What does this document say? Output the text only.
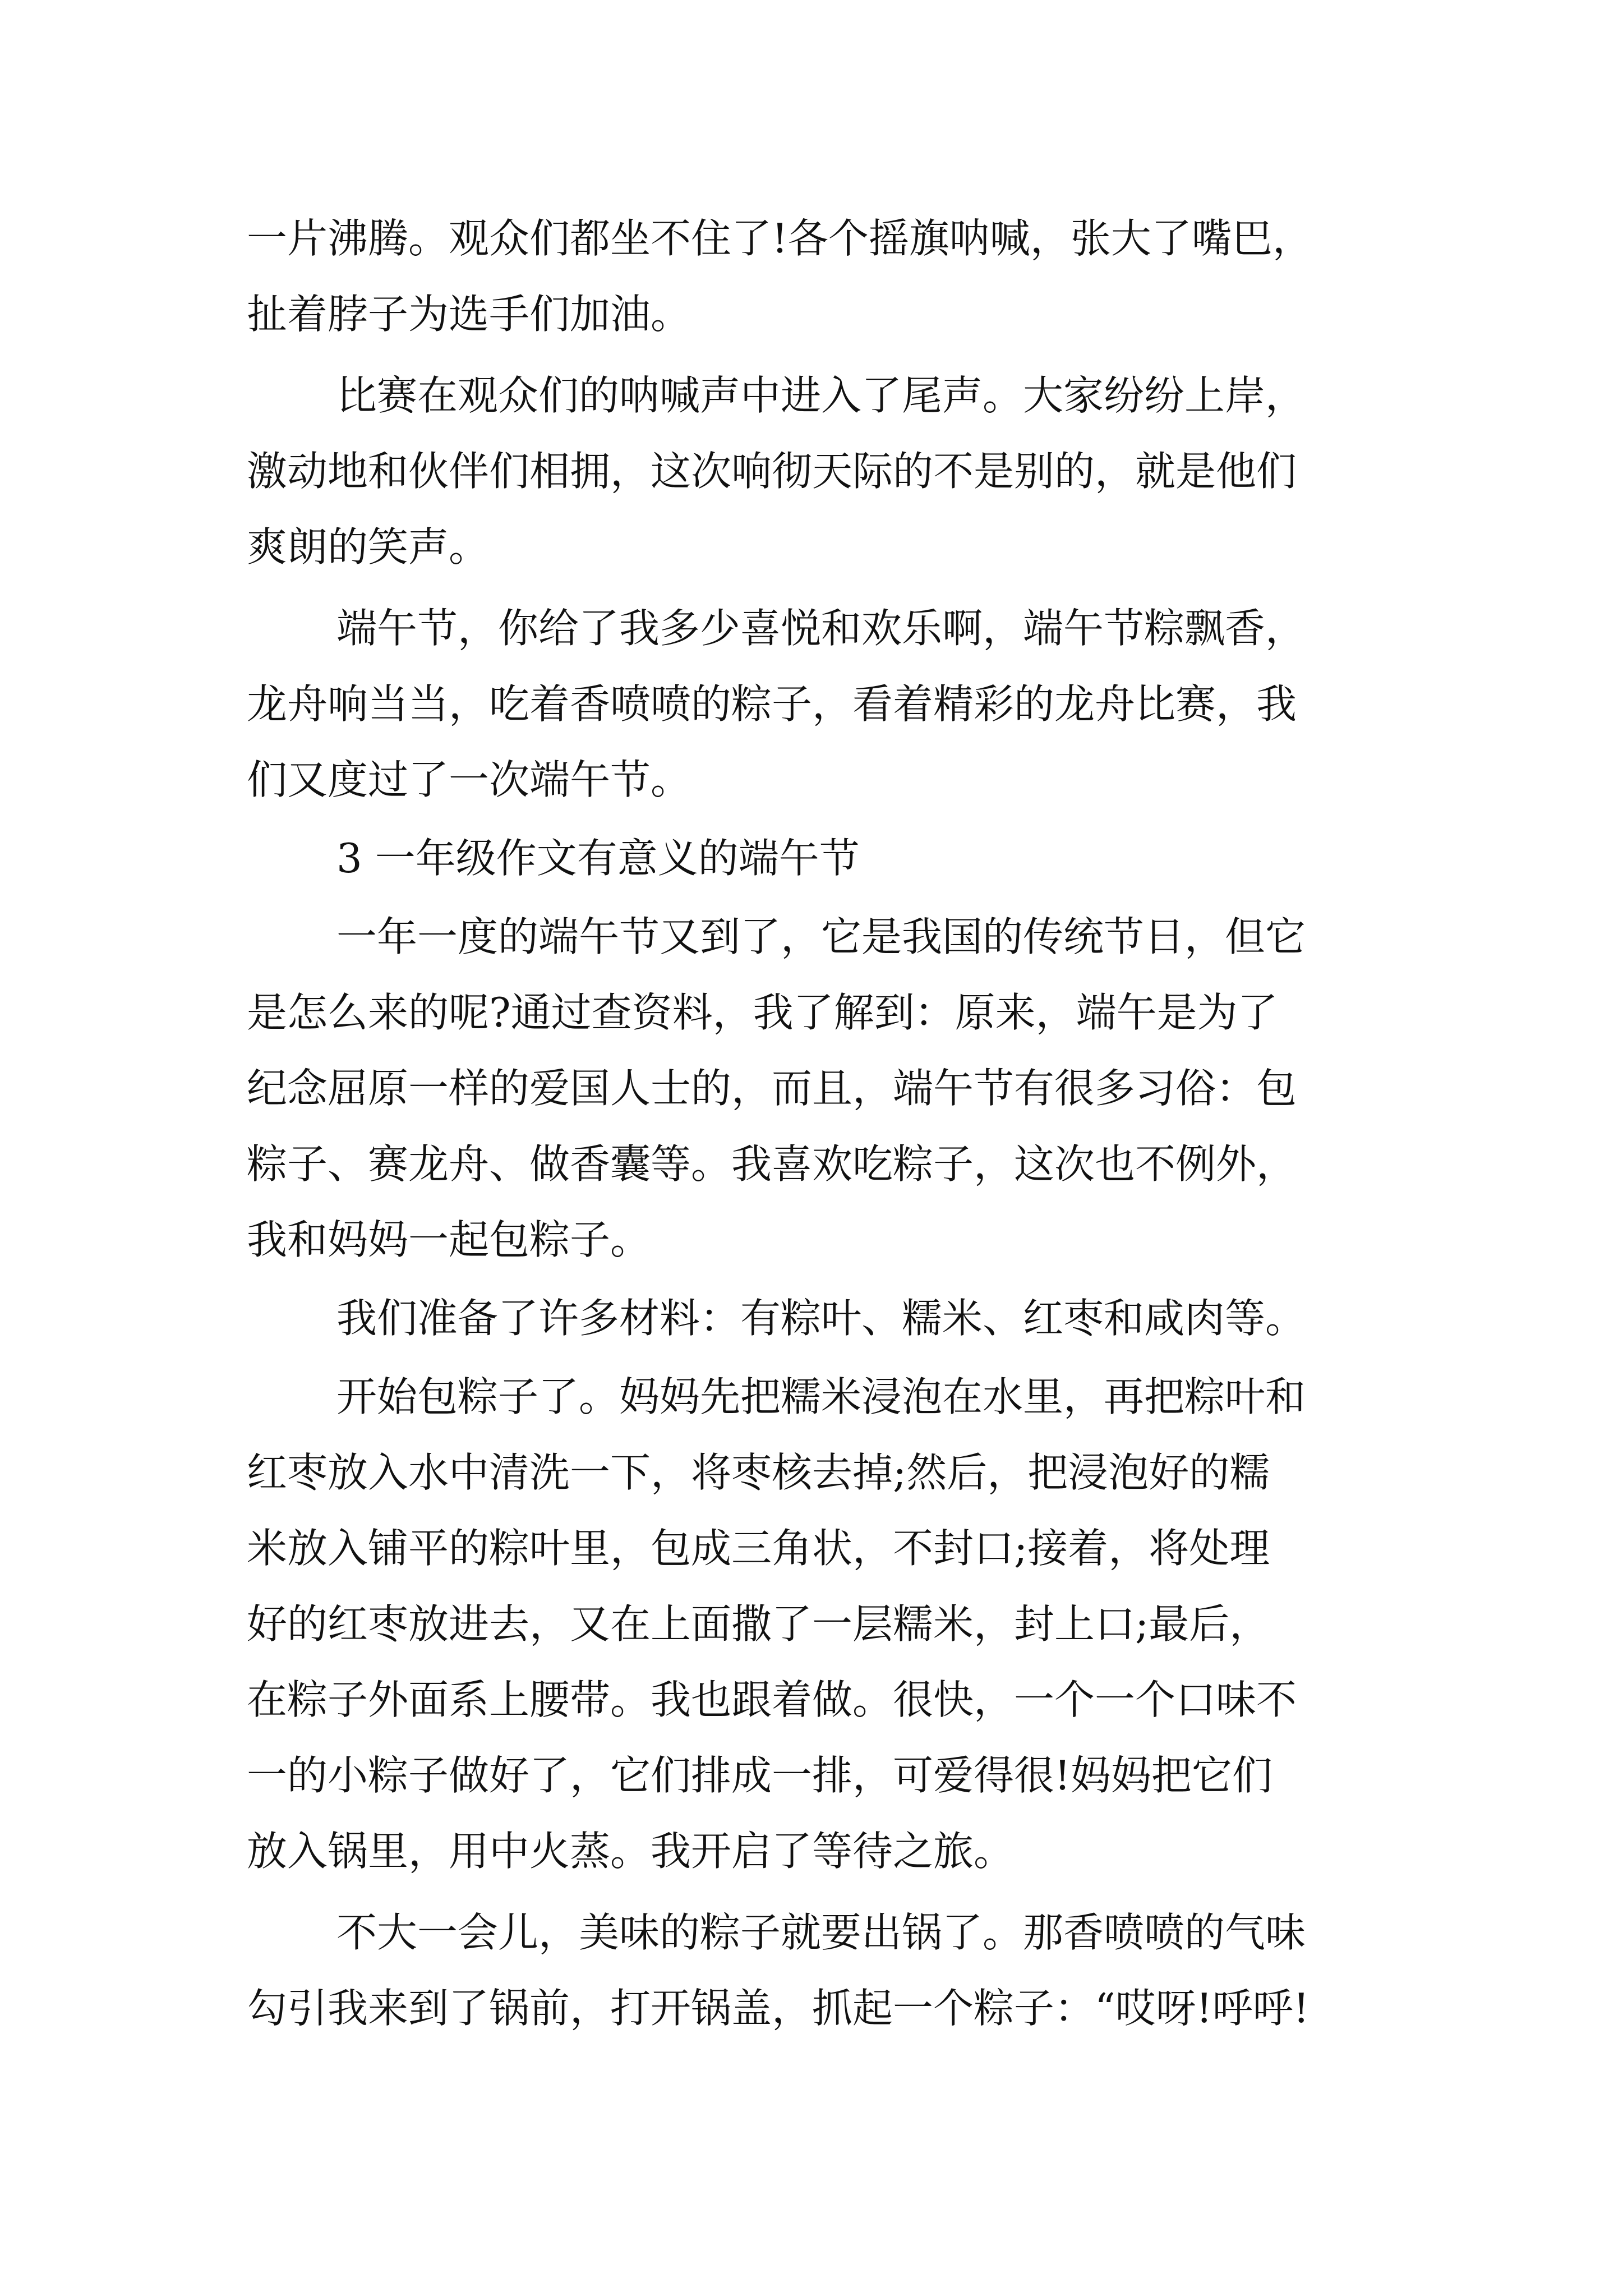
一片沸腾。观众们都坐不住了!各个摇旗呐喊，张大了嘴巴，
扯着脖子为选手们加油。
比赛在观众们的呐喊声中进入了尾声。大家纷纷上岸，
激动地和伙伴们相拥，这次响彻天际的不是别的，就是他们
爽朗的笑声。
端午节，你给了我多少喜悦和欢乐啊，端午节粽飘香，
龙舟响当当，吃着香喷喷的粽子，看着精彩的龙舟比赛，我
们又度过了一次端午节。
3 一年级作文有意义的端午节
一年一度的端午节又到了，它是我国的传统节日，但它
是怎么来的呢?通过查资料，我了解到：原来，端午是为了
纪念屈原一样的爱国人士的，而且，端午节有很多习俗：包
粽子、赛龙舟、做香囊等。我喜欢吃粽子，这次也不例外，
我和妈妈一起包粽子。
我们准备了许多材料：有粽叶、糯米、红枣和咸肉等。
开始包粽子了。妈妈先把糯米浸泡在水里，再把粽叶和
红枣放入水中清洗一下，将枣核去掉;然后，把浸泡好的糯
米放入铺平的粽叶里，包成三角状，不封口;接着，将处理
好的红枣放进去，又在上面撒了一层糯米，封上口;最后，
在粽子外面系上腰带。我也跟着做。很快，一个一个口味不
一的小粽子做好了，它们排成一排，可爱得很!妈妈把它们
放入锅里，用中火蒸。我开启了等待之旅。
不大一会儿，美味的粽子就要出锅了。那香喷喷的气味
勾引我来到了锅前，打开锅盖，抓起一个粽子：“哎呀!呼呼!
